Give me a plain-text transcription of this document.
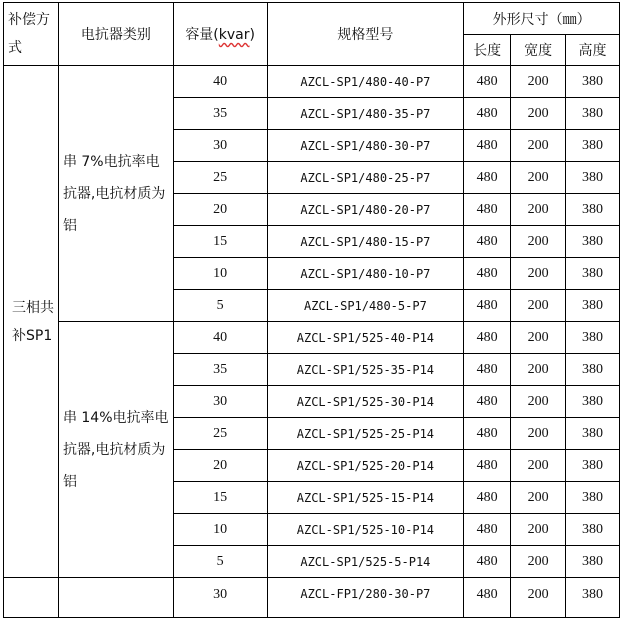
补偿方式	电抗器类别	容量(kvar)	规格型号	外形尺寸（㎜）		
				长度	宽度	高度
三相共补SP1	串 7%电抗率电抗器,电抗材质为铝	40	AZCL-SP1/480-40-P7	480	200	380
		35	AZCL-SP1/480-35-P7	480	200	380
		30	AZCL-SP1/480-30-P7	480	200	380
		25	AZCL-SP1/480-25-P7	480	200	380
		20	AZCL-SP1/480-20-P7	480	200	380
		15	AZCL-SP1/480-15-P7	480	200	380
		10	AZCL-SP1/480-10-P7	480	200	380
		5	AZCL-SP1/480-5-P7	480	200	380
	串 14%电抗率电抗器,电抗材质为铝	40	AZCL-SP1/525-40-P14	480	200	380
		35	AZCL-SP1/525-35-P14	480	200	380
		30	AZCL-SP1/525-30-P14	480	200	380
		25	AZCL-SP1/525-25-P14	480	200	380
		20	AZCL-SP1/525-20-P14	480	200	380
		15	AZCL-SP1/525-15-P14	480	200	380
		10	AZCL-SP1/525-10-P14	480	200	380
		5	AZCL-SP1/525-5-P14	480	200	380
		30	AZCL-FP1/280-30-P7	480	200	380
